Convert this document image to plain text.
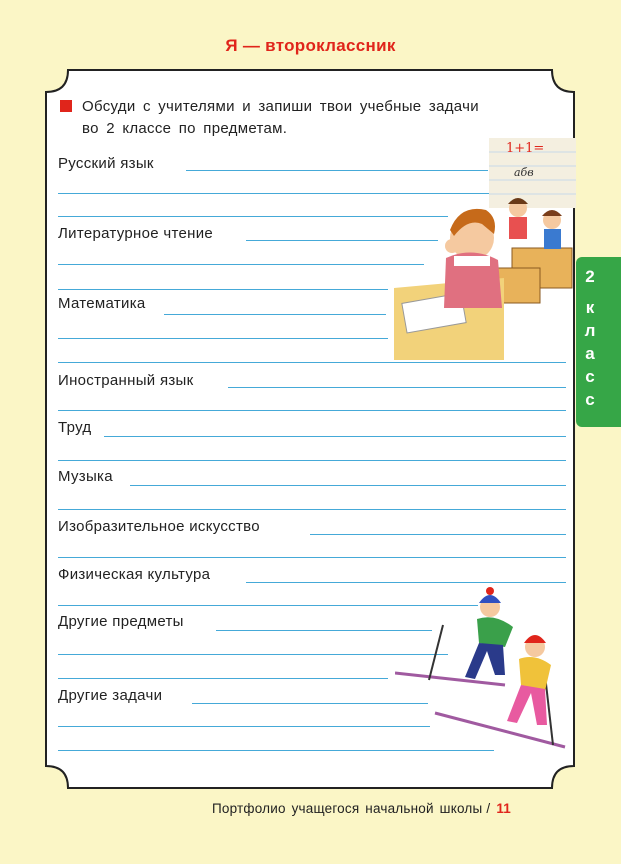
Я — второклассник
Обсуди с учителями и запиши твои учебные задачи
во 2 классе по предметам.
Русский язык
Литературное чтение
Математика
Иностранный язык
Труд
Музыка
Изобразительное искусство
Физическая культура
Другие предметы
Другие задачи
1+1=
абв
2
к
л
а
с
с
Портфолио учащегося начальной школы / 11
